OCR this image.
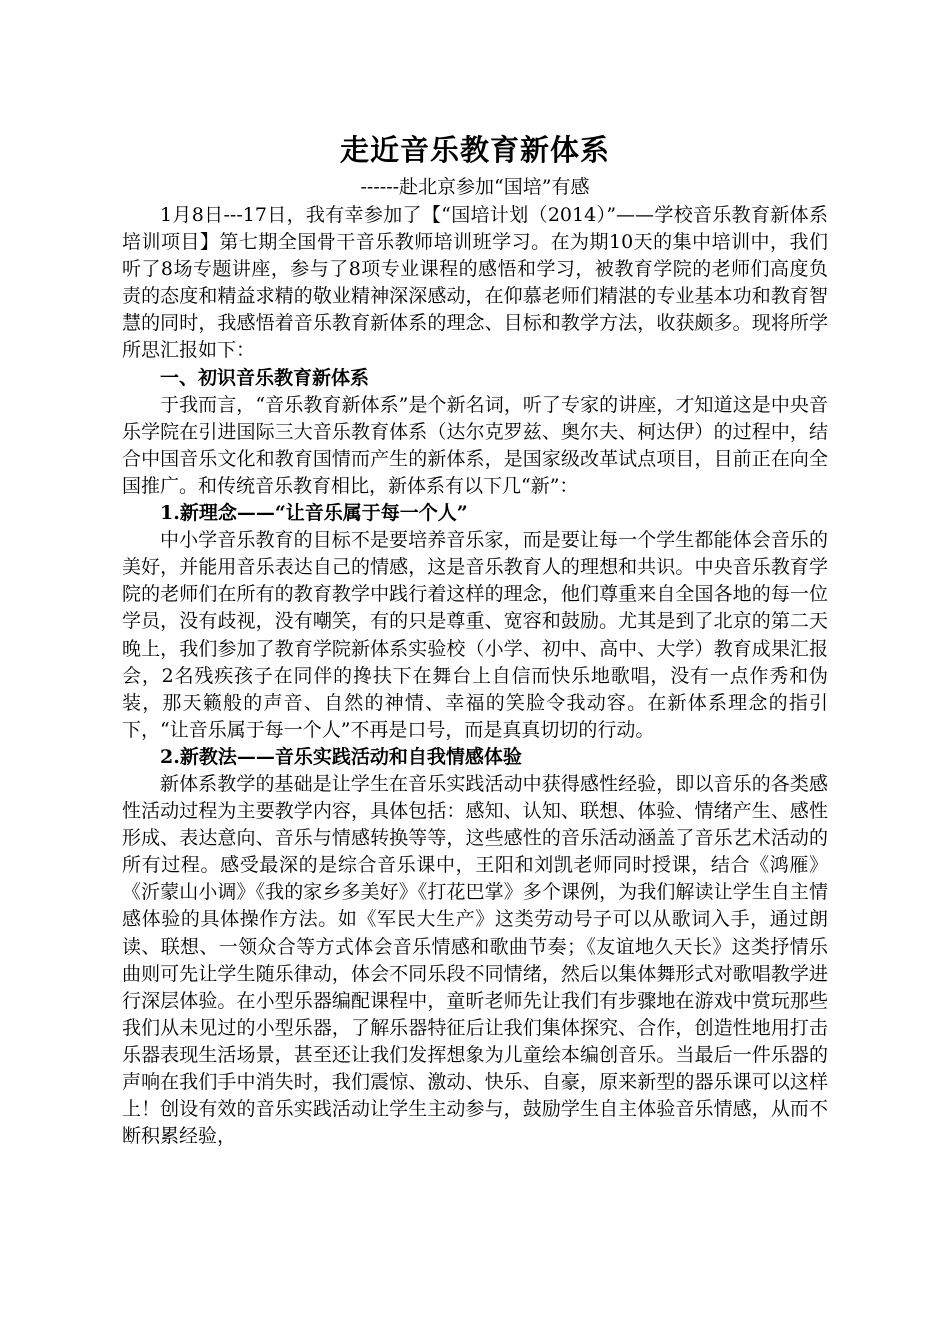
走近音乐教育新体系
------赴北京参加“国培”有感

1月8日---17日，我有幸参加了【“国培计划（2014）”——学校音乐教育新体系培训项目】第七期全国骨干音乐教师培训班学习。在为期10天的集中培训中，我们听了8场专题讲座，参与了8项专业课程的感悟和学习，被教育学院的老师们高度负责的态度和精益求精的敬业精神深深感动，在仰慕老师们精湛的专业基本功和教育智慧的同时，我感悟着音乐教育新体系的理念、目标和教学方法，收获颇多。现将所学所思汇报如下：

一、初识音乐教育新体系

于我而言，“音乐教育新体系”是个新名词，听了专家的讲座，才知道这是中央音乐学院在引进国际三大音乐教育体系（达尔克罗兹、奥尔夫、柯达伊）的过程中，结合中国音乐文化和教育国情而产生的新体系，是国家级改革试点项目，目前正在向全国推广。和传统音乐教育相比，新体系有以下几“新”：

1.新理念——“让音乐属于每一个人”

中小学音乐教育的目标不是要培养音乐家，而是要让每一个学生都能体会音乐的美好，并能用音乐表达自己的情感，这是音乐教育人的理想和共识。中央音乐教育学院的老师们在所有的教育教学中践行着这样的理念，他们尊重来自全国各地的每一位学员，没有歧视，没有嘲笑，有的只是尊重、宽容和鼓励。尤其是到了北京的第二天晚上，我们参加了教育学院新体系实验校（小学、初中、高中、大学）教育成果汇报会，2名残疾孩子在同伴的搀扶下在舞台上自信而快乐地歌唱，没有一点作秀和伪装，那天籁般的声音、自然的神情、幸福的笑脸令我动容。在新体系理念的指引下，“让音乐属于每一个人”不再是口号，而是真真切切的行动。

2.新教法——音乐实践活动和自我情感体验

新体系教学的基础是让学生在音乐实践活动中获得感性经验，即以音乐的各类感性活动过程为主要教学内容，具体包括：感知、认知、联想、体验、情绪产生、感性形成、表达意向、音乐与情感转换等等，这些感性的音乐活动涵盖了音乐艺术活动的所有过程。感受最深的是综合音乐课中，王阳和刘凯老师同时授课，结合《鸿雁》《沂蒙山小调》《我的家乡多美好》《打花巴掌》多个课例，为我们解读让学生自主情感体验的具体操作方法。如《军民大生产》这类劳动号子可以从歌词入手，通过朗读、联想、一领众合等方式体会音乐情感和歌曲节奏；《友谊地久天长》这类抒情乐曲则可先让学生随乐律动，体会不同乐段不同情绪，然后以集体舞形式对歌唱教学进行深层体验。在小型乐器编配课程中，童昕老师先让我们有步骤地在游戏中赏玩那些我们从未见过的小型乐器，了解乐器特征后让我们集体探究、合作，创造性地用打击乐器表现生活场景，甚至还让我们发挥想象为儿童绘本编创音乐。当最后一件乐器的声响在我们手中消失时，我们震惊、激动、快乐、自豪，原来新型的器乐课可以这样上！创设有效的音乐实践活动让学生主动参与，鼓励学生自主体验音乐情感，从而不断积累经验，
